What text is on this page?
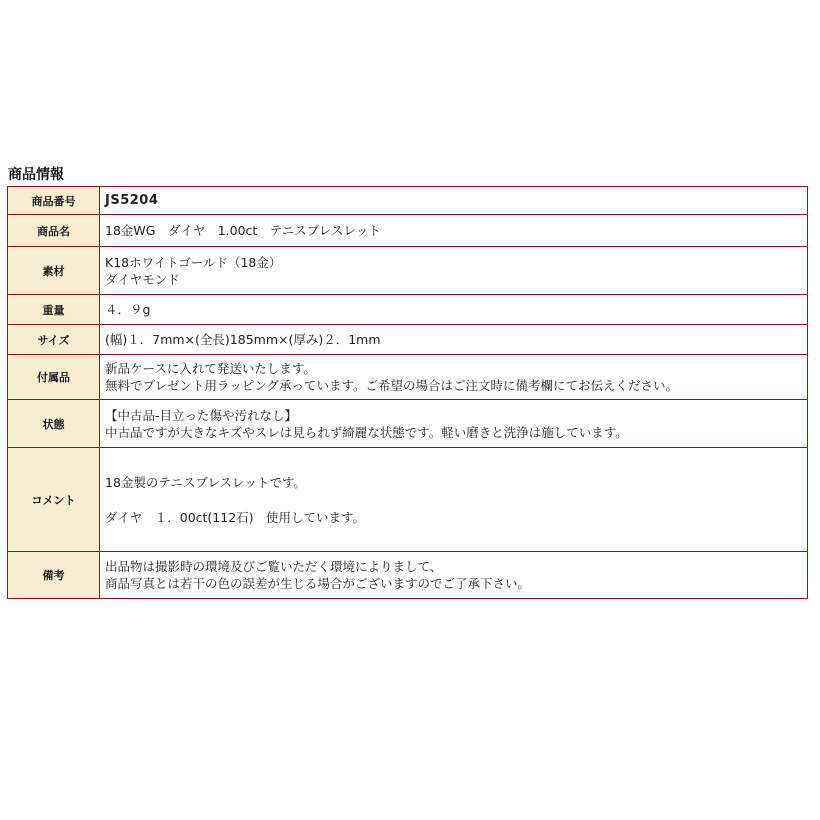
商品情報
商品番号	JS5204

商品名	18金WG　ダイヤ　1.00ct　テニスブレスレット

素材	K18ホワイトゴールド（18金）
ダイヤモンド

重量	４．９g

サイズ	(幅)１．7mm×(全長)185mm×(厚み)２．1mm

付属品	新品ケースに入れて発送いたします。
無料でプレゼント用ラッピング承っています。ご希望の場合はご注文時に備考欄にてお伝えください。

状態	【中古品-目立った傷や汚れなし】
中古品ですが大きなキズやスレは見られず綺麗な状態です。軽い磨きと洗浄は施しています。

コメント	18金製のテニスブレスレットです。
ダイヤ　１．00ct(112石)　使用しています。

備考	出品物は撮影時の環境及びご覧いただく環境によりまして、
商品写真とは若干の色の誤差が生じる場合がございますのでご了承下さい。
